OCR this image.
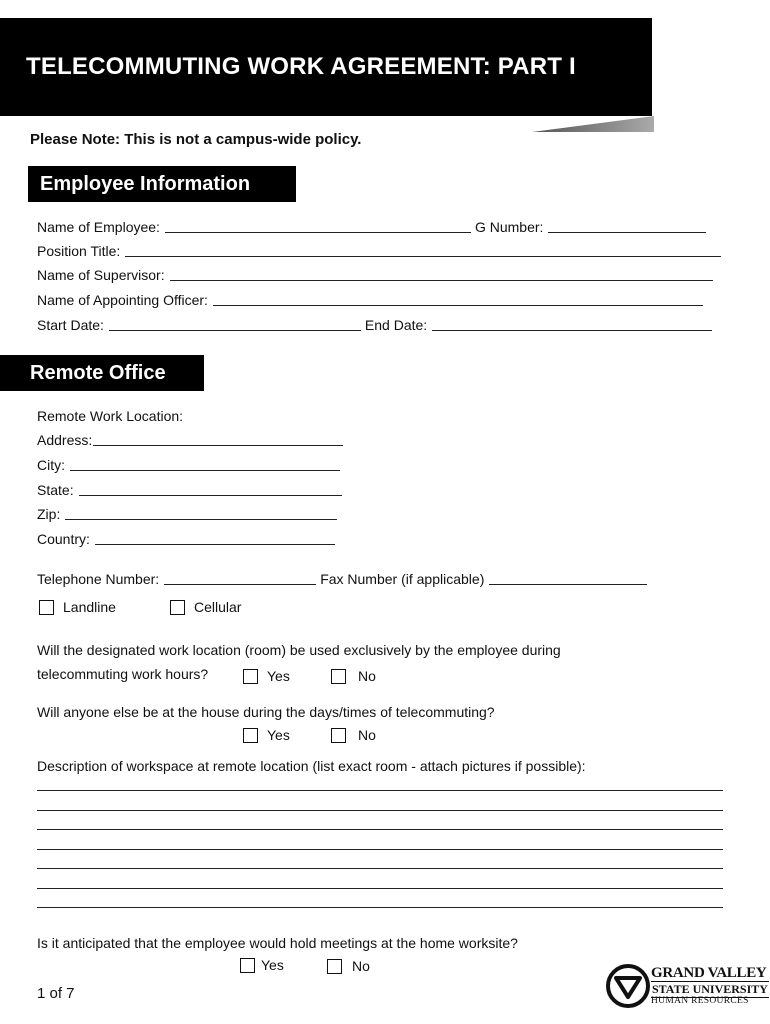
TELECOMMUTING WORK AGREEMENT: PART I
Please Note: This is not a campus-wide policy.
Employee Information
Name of Employee:	G Number:
Position Title:
Name of Supervisor:
Name of Appointing Officer:
Start Date:	End Date:
Remote Office
Remote Work Location:
Address:
City:
State:
Zip:
Country:
Telephone Number:	Fax Number (if applicable)
Landline	Cellular
Will the designated work location (room) be used exclusively by the employee during
telecommuting work hours?	Yes	No
Will anyone else be at the house during the days/times of telecommuting?
Yes	No
Description of workspace at remote location (list exact room - attach pictures if possible):
Is it anticipated that the employee would hold meetings at the home worksite?
Yes	No
1 of 7
GRAND VALLEY
STATE UNIVERSITY
HUMAN RESOURCES
